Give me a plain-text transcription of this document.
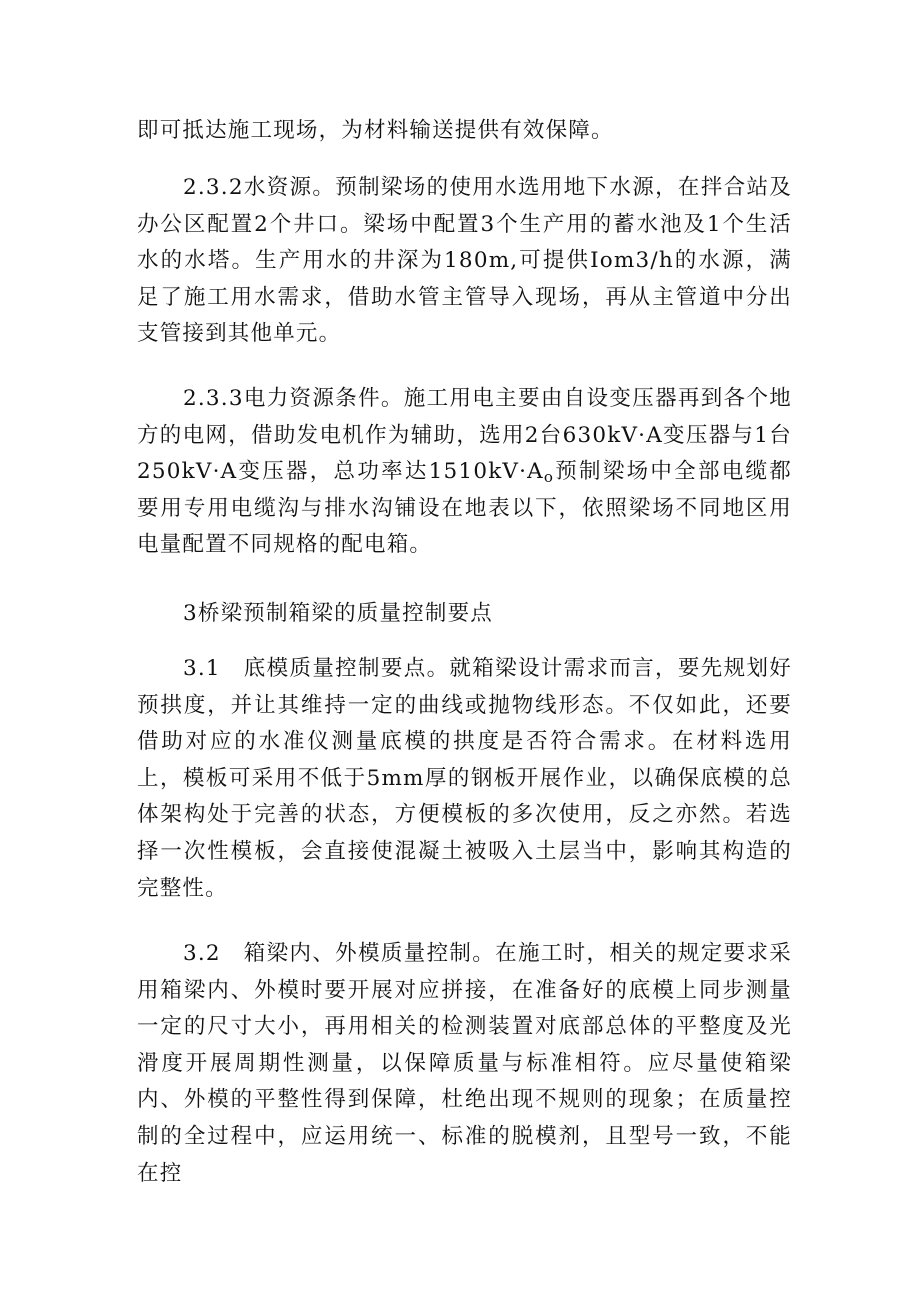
即可抵达施工现场，为材料输送提供有效保障。

2.3.2水资源。预制梁场的使用水选用地下水源，在拌合站及办公区配置2个井口。梁场中配置3个生产用的蓄水池及1个生活水的水塔。生产用水的井深为180m,可提供Iom3/h的水源，满足了施工用水需求，借助水管主管导入现场，再从主管道中分出支管接到其他单元。

2.3.3电力资源条件。施工用电主要由自设变压器再到各个地方的电网，借助发电机作为辅助，选用2台630kV·A变压器与1台250kV·A变压器，总功率达$1510kV\cdot A_o$预制梁场中全部电缆都要用专用电缆沟与排水沟铺设在地表以下，依照梁场不同地区用电量配置不同规格的配电箱。

3桥梁预制箱梁的质量控制要点

3.1　底模质量控制要点。就箱梁设计需求而言，要先规划好预拱度，并让其维持一定的曲线或抛物线形态。不仅如此，还要借助对应的水准仪测量底模的拱度是否符合需求。在材料选用上，模板可采用不低于5mm厚的钢板开展作业，以确保底模的总体架构处于完善的状态，方便模板的多次使用，反之亦然。若选择一次性模板，会直接使混凝土被吸入土层当中，影响其构造的完整性。

3.2　箱梁内、外模质量控制。在施工时，相关的规定要求采用箱梁内、外模时要开展对应拼接，在准备好的底模上同步测量一定的尺寸大小，再用相关的检测装置对底部总体的平整度及光滑度开展周期性测量，以保障质量与标准相符。应尽量使箱梁内、外模的平整性得到保障，杜绝出现不规则的现象；在质量控制的全过程中，应运用统一、标准的脱模剂，且型号一致，不能在控
